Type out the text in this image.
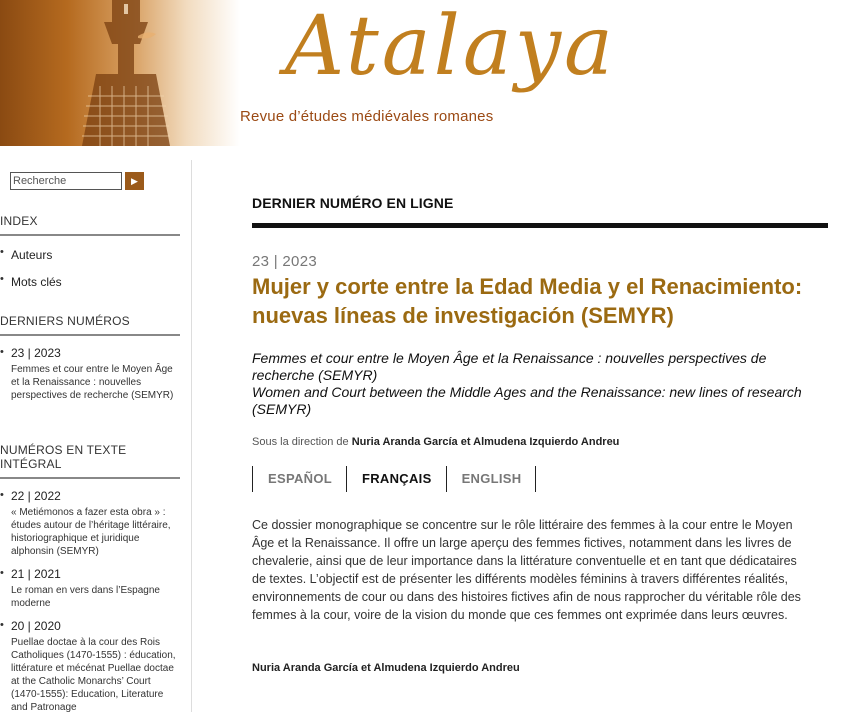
Atalaya
Revue d’études médiévales romanes
Recherche
▶
INDEX
• Auteurs
• Mots clés
DERNIERS NUMÉROS
• 23 | 2023
Femmes et cour entre le Moyen Âge et la Renaissance : nouvelles perspectives de recherche (SEMYR)
NUMÉROS EN TEXTE INTÉGRAL
• 22 | 2022
« Metiémonos a fazer esta obra » : études autour de l’héritage littéraire, historiographique et juridique alphonsin (SEMYR)
• 21 | 2021
Le roman en vers dans l’Espagne moderne
• 20 | 2020
Puellae doctae à la cour des Rois Catholiques (1470-1555) : éducation, littérature et mécénat Puellae doctae at the Catholic Monarchs’ Court (1470-1555): Education, Literature and Patronage
DERNIER NUMÉRO EN LIGNE
23 | 2023
Mujer y corte entre la Edad Media y el Renacimiento: nuevas líneas de investigación (SEMYR)
Femmes et cour entre le Moyen Âge et la Renaissance : nouvelles perspectives de recherche (SEMYR)
Women and Court between the Middle Ages and the Renaissance: new lines of research (SEMYR)
Sous la direction de Nuria Aranda García et Almudena Izquierdo Andreu
ESPAÑOL	FRANÇAIS	ENGLISH
Ce dossier monographique se concentre sur le rôle littéraire des femmes à la cour entre le Moyen Âge et la Renaissance. Il offre un large aperçu des femmes fictives, notamment dans les livres de chevalerie, ainsi que de leur importance dans la littérature conventuelle et en tant que dédicataires de textes. L’objectif est de présenter les différents modèles féminins à travers différentes réalités, environnements de cour ou dans des histoires fictives afin de nous rapprocher du véritable rôle des femmes à la cour, voire de la vision du monde que ces femmes ont exprimée dans leurs œuvres.
Nuria Aranda García et Almudena Izquierdo Andreu
